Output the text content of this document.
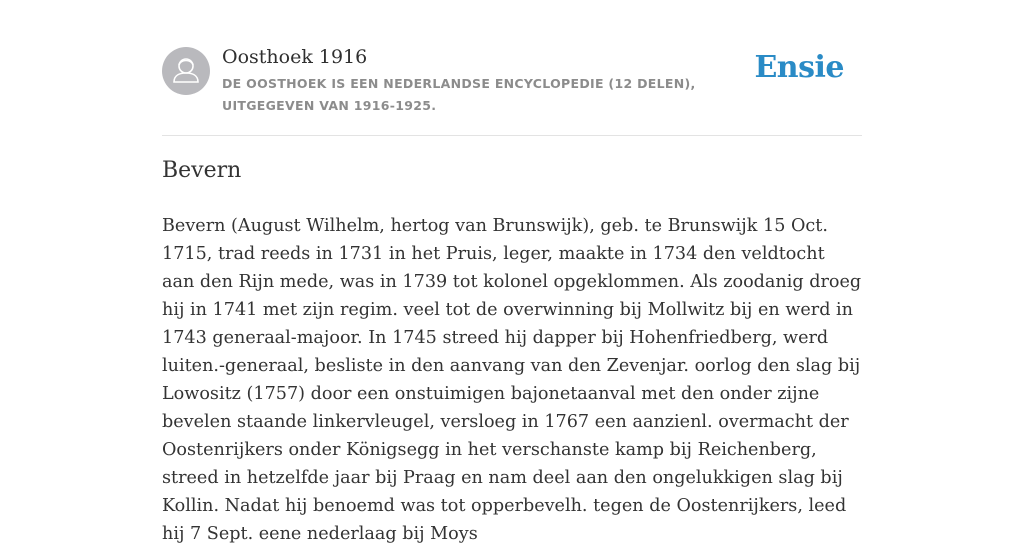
Oosthoek 1916
DE OOSTHOEK IS EEN NEDERLANDSE ENCYCLOPEDIE (12 DELEN), UITGEGEVEN VAN 1916-1925.
Ensie
Bevern

Bevern (August Wilhelm, hertog van Brunswijk), geb. te Brunswijk 15 Oct. 1715, trad reeds in 1731 in het Pruis, leger, maakte in 1734 den veldtocht aan den Rijn mede, was in 1739 tot kolonel opgeklommen. Als zoodanig droeg hij in 1741 met zijn regim. veel tot de overwinning bij Mollwitz bij en werd in 1743 generaal-majoor. In 1745 streed hij dapper bij Hohenfriedberg, werd luiten.-generaal, besliste in den aanvang van den Zevenjar. oorlog den slag bij Lowositz (1757) door een onstuimigen bajonetaanval met den onder zijne bevelen staande linkervleugel, versloeg in 1767 een aanzienl. overmacht der Oostenrijkers onder Königsegg in het verschanste kamp bij Reichenberg, streed in hetzelfde jaar bij Praag en nam deel aan den ongelukkigen slag bij Kollin. Nadat hij benoemd was tot opperbevelh. tegen de Oostenrijkers, leed hij 7 Sept. eene nederlaag bij Moys
